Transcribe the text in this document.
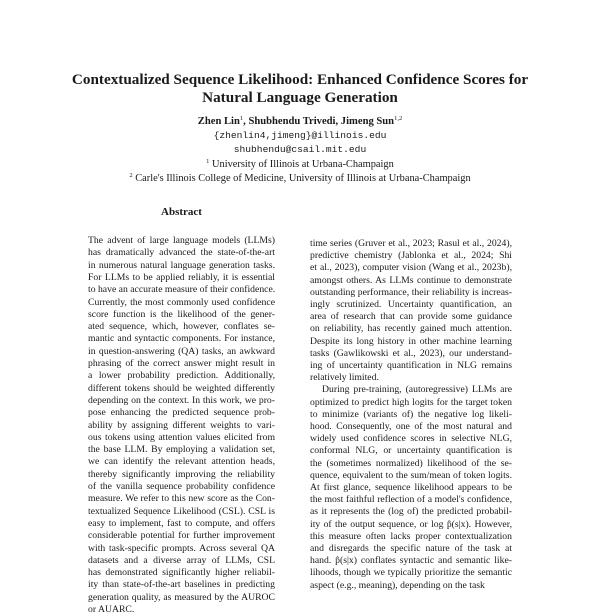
Contextualized Sequence Likelihood: Enhanced Confidence Scores for
Natural Language Generation
Zhen Lin$^1$, Shubhendu Trivedi, Jimeng Sun$^{1,2}$
{zhenlin4,jimeng}@illinois.edu
shubhendu@csail.mit.edu
$^1$ University of Illinois at Urbana-Champaign
$^2$ Carle's Illinois College of Medicine, University of Illinois at Urbana-Champaign
Abstract
The advent of large language models (LLMs)
has dramatically advanced the state-of-the-art
in numerous natural language generation tasks.
For LLMs to be applied reliably, it is essential
to have an accurate measure of their confidence.
Currently, the most commonly used confidence
score function is the likelihood of the gener-
ated sequence, which, however, conflates se-
mantic and syntactic components. For instance,
in question-answering (QA) tasks, an awkward
phrasing of the correct answer might result in
a lower probability prediction. Additionally,
different tokens should be weighted differently
depending on the context. In this work, we pro-
pose enhancing the predicted sequence prob-
ability by assigning different weights to vari-
ous tokens using attention values elicited from
the base LLM. By employing a validation set,
we can identify the relevant attention heads,
thereby significantly improving the reliability
of the vanilla sequence probability confidence
measure. We refer to this new score as the Con-
textualized Sequence Likelihood (CSL). CSL is
easy to implement, fast to compute, and offers
considerable potential for further improvement
with task-specific prompts. Across several QA
datasets and a diverse array of LLMs, CSL
has demonstrated significantly higher reliabil-
ity than state-of-the-art baselines in predicting
generation quality, as measured by the AUROC
or AUARC.
time series (Gruver et al., 2023; Rasul et al., 2024),
predictive chemistry (Jablonka et al., 2024; Shi
et al., 2023), computer vision (Wang et al., 2023b),
amongst others. As LLMs continue to demonstrate
outstanding performance, their reliability is increas-
ingly scrutinized. Uncertainty quantification, an
area of research that can provide some guidance
on reliability, has recently gained much attention.
Despite its long history in other machine learning
tasks (Gawlikowski et al., 2023), our understand-
ing of uncertainty quantification in NLG remains
relatively limited.
During pre-training, (autoregressive) LLMs are
optimized to predict high logits for the target token
to minimize (variants of) the negative log likeli-
hood. Consequently, one of the most natural and
widely used confidence scores in selective NLG,
conformal NLG, or uncertainty quantification is
the (sometimes normalized) likelihood of the se-
quence, equivalent to the sum/mean of token logits.
At first glance, sequence likelihood appears to be
the most faithful reflection of a model's confidence,
as it represents the (log of) the predicted probabil-
ity of the output sequence, or log p̂(s|x). However,
this measure often lacks proper contextualization
and disregards the specific nature of the task at
hand. p̂(s|x) conflates syntactic and semantic like-
lihoods, though we typically prioritize the semantic
aspect (e.g., meaning), depending on the task
